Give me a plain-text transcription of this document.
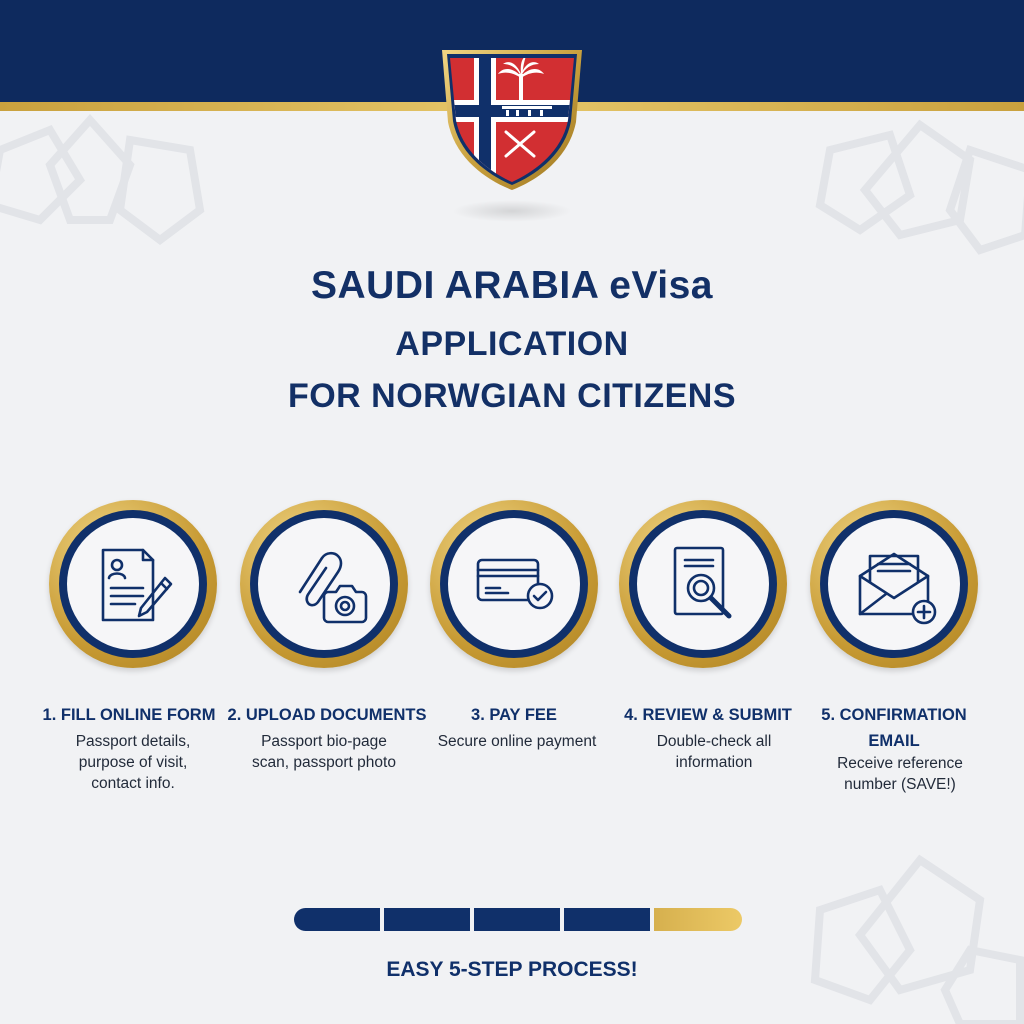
SAUDI ARABIA eVisa
APPLICATION
FOR NORWGIAN CITIZENS
1. FILL ONLINE FORM
Passport details,
purpose of visit,
contact info.
2. UPLOAD DOCUMENTS
Passport bio-page
scan, passport photo
3. PAY FEE
Secure online payment
4. REVIEW & SUBMIT
Double-check all
information
5. CONFIRMATION
EMAIL
Receive reference
number (SAVE!)

EASY 5-STEP PROCESS!
